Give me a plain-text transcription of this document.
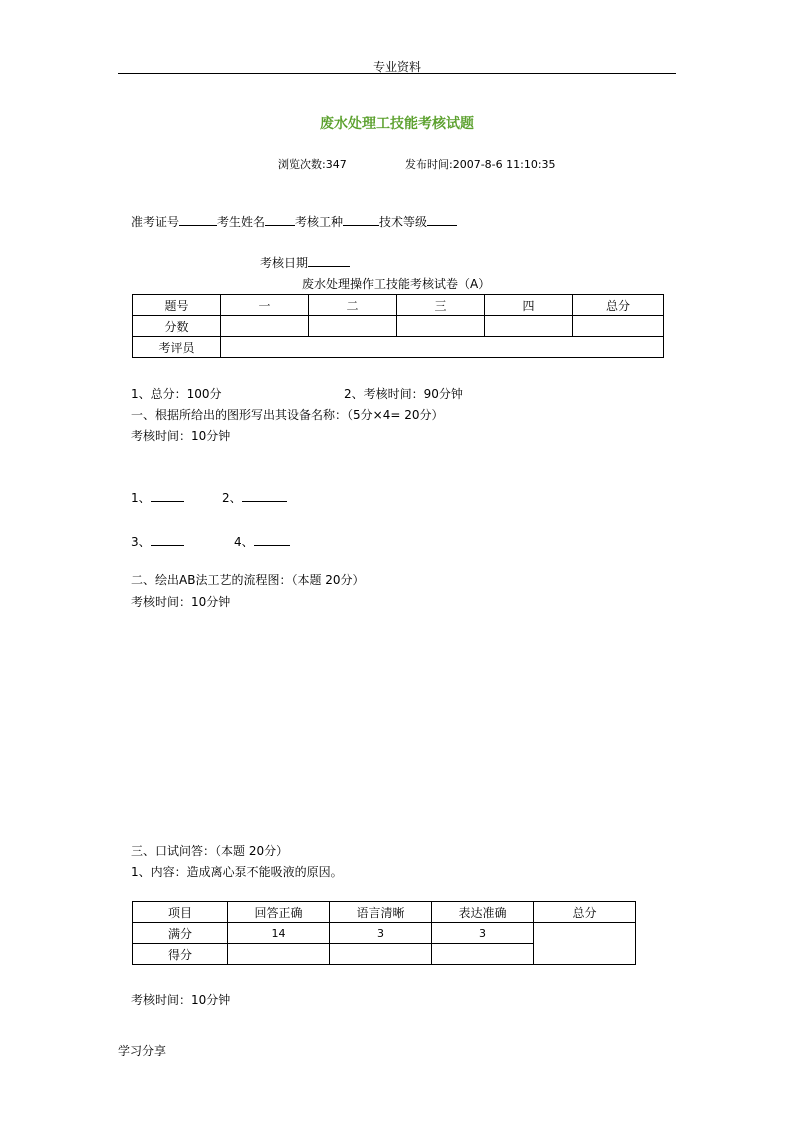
专业资料
废水处理工技能考核试题
浏览次数:347	发布时间:2007-8-6 11:10:35
准考证号	考生姓名	考核工种	技术等级
考核日期
废水处理操作工技能考核试卷（A）
题号	一	二	三	四	总分
分数					
考评员					
1、总分：100分	2、考核时间：90分钟
一、根据所给出的图形写出其设备名称：（5分×4= 20分）
考核时间：10分钟
1、	2、
3、	4、
二、绘出AB法工艺的流程图：（本题 20分）
考核时间：10分钟
三、口试问答：（本题 20分）
1、内容：造成离心泵不能吸液的原因。
项目	回答正确	语言清晰	表达准确	总分
满分	14	3	3	
得分				
考核时间：10分钟
学习分享
